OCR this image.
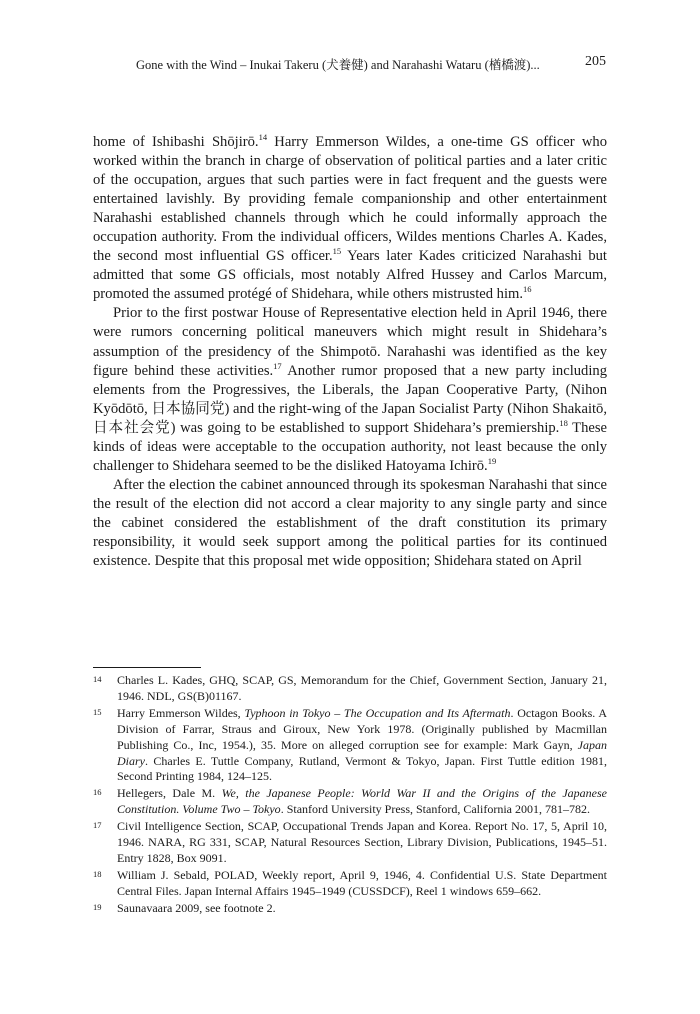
Gone with the Wind – Inukai Takeru (犬養健) and Narahashi Wataru (楢橋渡)...	205

home of Ishibashi Shōjirō.$^{14}$ Harry Emmerson Wildes, a one-time GS officer who worked within the branch in charge of observation of political parties and a later critic of the occupation, argues that such parties were in fact frequent and the guests were entertained lavishly. By providing female companionship and other entertainment Narahashi established channels through which he could informally approach the occupation authority. From the individual officers, Wildes mentions Charles A. Kades, the second most influential GS officer.$^{15}$ Years later Kades criticized Narahashi but admitted that some GS officials, most notably Alfred Hussey and Carlos Marcum, promoted the assumed protégé of Shidehara, while others mistrusted him.$^{16}$

Prior to the first postwar House of Representative election held in April 1946, there were rumors concerning political maneuvers which might result in Shidehara’s assumption of the presidency of the Shimpotō. Narahashi was identified as the key figure behind these activities.$^{17}$ Another rumor proposed that a new party including elements from the Progressives, the Liberals, the Japan Cooperative Party, (Nihon Kyōdōtō, 日本協同党) and the right-wing of the Japan Socialist Party (Nihon Shakaitō, 日本社会党) was going to be established to support Shidehara’s premiership.$^{18}$ These kinds of ideas were acceptable to the occupation authority, not least because the only challenger to Shidehara seemed to be the disliked Hatoyama Ichirō.$^{19}$

After the election the cabinet announced through its spokesman Narahashi that since the result of the election did not accord a clear majority to any single party and since the cabinet considered the establishment of the draft constitution its primary responsibility, it would seek support among the political parties for its continued existence. Despite that this proposal met wide opposition; Shidehara stated on April

14	Charles L. Kades, GHQ, SCAP, GS, Memorandum for the Chief, Government Section, January 21, 1946. NDL, GS(B)01167.
15	Harry Emmerson Wildes, Typhoon in Tokyo – The Occupation and Its Aftermath. Octagon Books. A Division of Farrar, Straus and Giroux, New York 1978. (Originally published by Macmillan Publishing Co., Inc, 1954.), 35. More on alleged corruption see for example: Mark Gayn, Japan Diary. Charles E. Tuttle Company, Rutland, Vermont & Tokyo, Japan. First Tuttle edition 1981, Second Printing 1984, 124–125.
16	Hellegers, Dale M. We, the Japanese People: World War II and the Origins of the Japanese Constitution. Volume Two – Tokyo. Stanford University Press, Stanford, California 2001, 781–782.
17	Civil Intelligence Section, SCAP, Occupational Trends Japan and Korea. Report No. 17, 5, April 10, 1946. NARA, RG 331, SCAP, Natural Resources Section, Library Division, Publications, 1945–51. Entry 1828, Box 9091.
18	William J. Sebald, POLAD, Weekly report, April 9, 1946, 4. Confidential U.S. State Department Central Files. Japan Internal Affairs 1945–1949 (CUSSDCF), Reel 1 windows 659–662.
19	Saunavaara 2009, see footnote 2.
